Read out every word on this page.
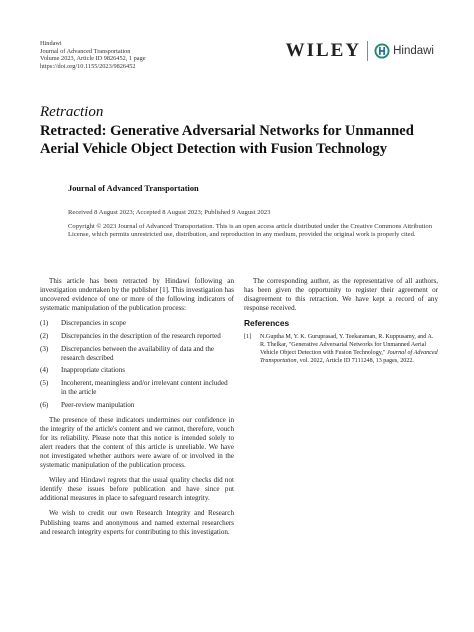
Hindawi
Journal of Advanced Transportation
Volume 2023, Article ID 9826452, 1 page
https://doi.org/10.1155/2023/9826452
WILEY	Hindawi
Retraction
Retracted: Generative Adversarial Networks for Unmanned Aerial Vehicle Object Detection with Fusion Technology
Journal of Advanced Transportation
Received 8 August 2023; Accepted 8 August 2023; Published 9 August 2023
Copyright © 2023 Journal of Advanced Transportation. This is an open access article distributed under the Creative Commons Attribution License, which permits unrestricted use, distribution, and reproduction in any medium, provided the original work is properly cited.

This article has been retracted by Hindawi following an investigation undertaken by the publisher [1]. This investigation has uncovered evidence of one or more of the following indicators of systematic manipulation of the publication process:

(1) Discrepancies in scope
(2) Discrepancies in the description of the research reported
(3) Discrepancies between the availability of data and the research described
(4) Inappropriate citations
(5) Incoherent, meaningless and/or irrelevant content included in the article
(6) Peer-review manipulation

The presence of these indicators undermines our confidence in the integrity of the article's content and we cannot, therefore, vouch for its reliability. Please note that this notice is intended solely to alert readers that the content of this article is unreliable. We have not investigated whether authors were aware of or involved in the systematic manipulation of the publication process.

Wiley and Hindawi regrets that the usual quality checks did not identify these issues before publication and have since put additional measures in place to safeguard research integrity.

We wish to credit our own Research Integrity and Research Publishing teams and anonymous and named external researchers and research integrity experts for contributing to this investigation.

The corresponding author, as the representative of all authors, has been given the opportunity to register their agreement or disagreement to this retraction. We have kept a record of any response received.

References
[1] N.Guptha M, Y. K. Guruprasad, Y. Teekaraman, R. Kuppusamy, and A. R. Thelkar, "Generative Adversarial Networks for Unmanned Aerial Vehicle Object Detection with Fusion Technology," Journal of Advanced Transportation, vol. 2022, Article ID 7111248, 13 pages, 2022.
